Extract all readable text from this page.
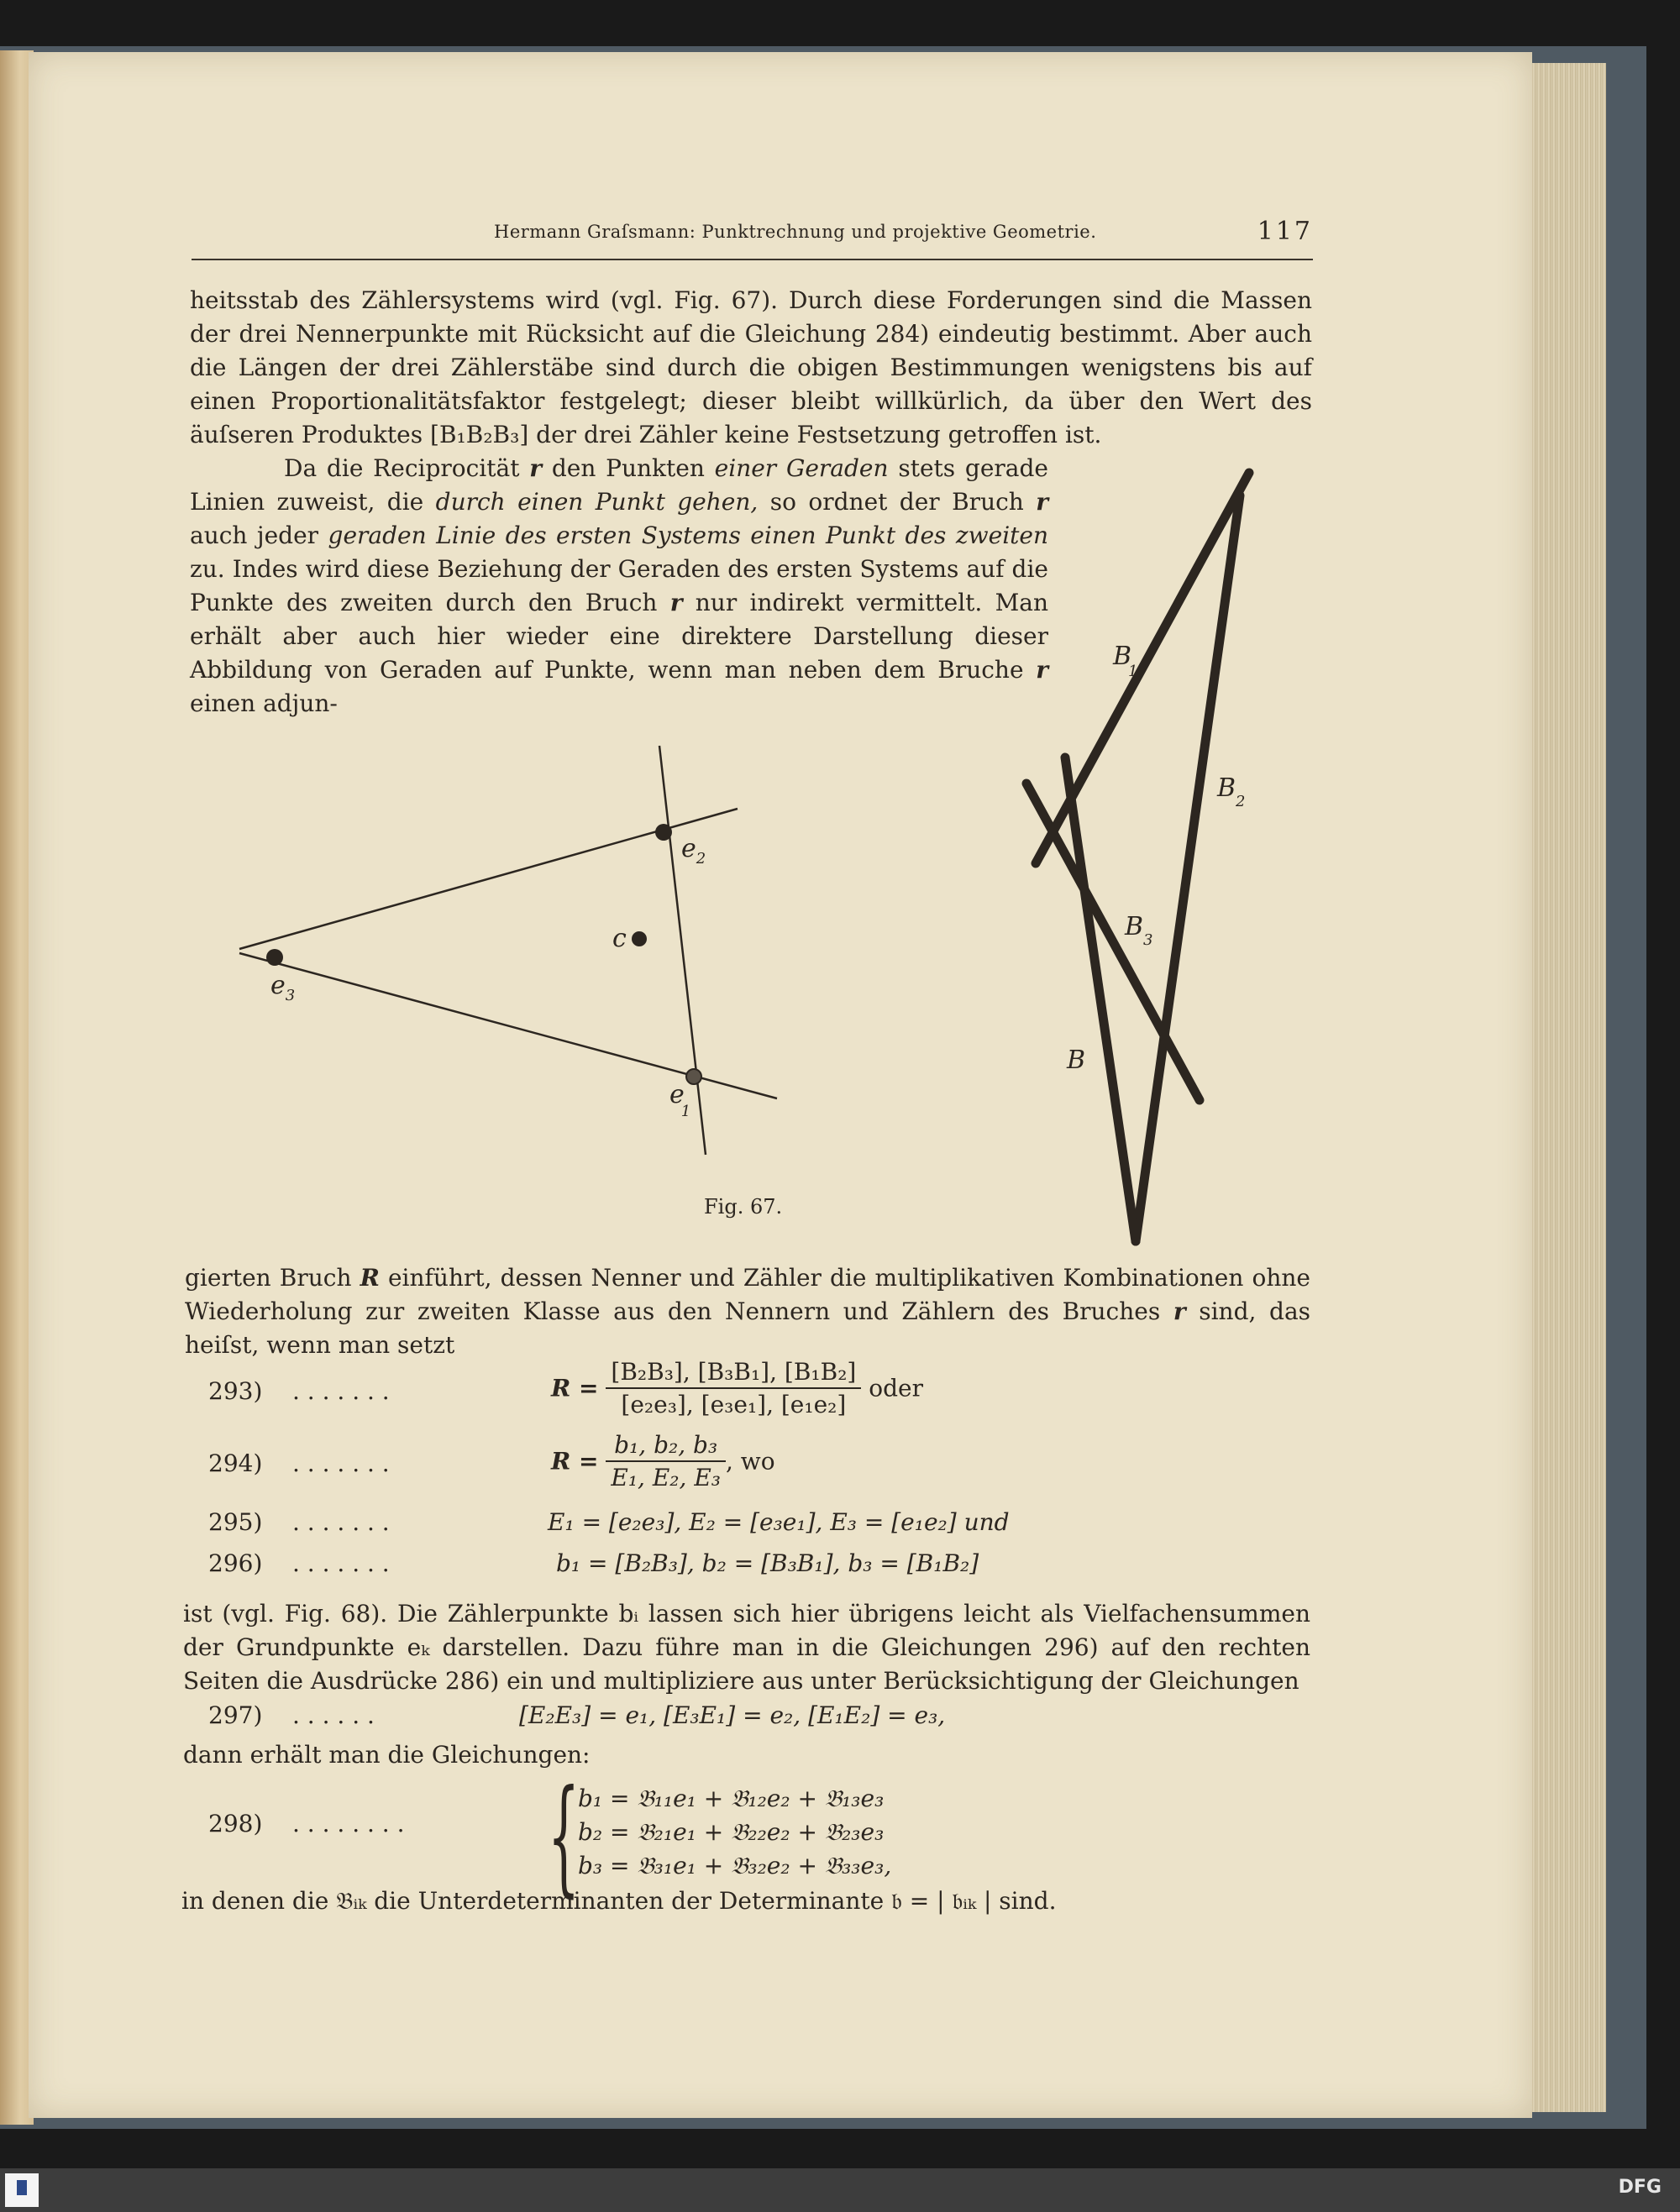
Hermann Graſsmann: Punktrechnung und projektive Geometrie.	117

heitsstab des Zählersystems wird (vgl. Fig. 67). Durch diese Forderungen sind die Massen der drei Nennerpunkte mit Rücksicht auf die Gleichung 284) eindeutig bestimmt. Aber auch die Längen der drei Zählerstäbe sind durch die obigen Bestimmungen wenigstens bis auf einen Proportionalitätsfaktor festgelegt; dieser bleibt willkürlich, da über den Wert des äuſseren Produktes [B₁B₂B₃] der drei Zähler keine Festsetzung getroffen ist.

Da die Reciprocität r den Punkten einer Geraden stets gerade Linien zuweist, die durch einen Punkt gehen, so ordnet der Bruch r auch jeder geraden Linie des ersten Systems einen Punkt des zweiten zu. Indes wird diese Beziehung der Geraden des ersten Systems auf die Punkte des zweiten durch den Bruch r nur indirekt vermittelt. Man erhält aber auch hier wieder eine direktere Darstellung dieser Abbildung von Geraden auf Punkte, wenn man neben dem Bruche r einen adjun-

$e_2$
$e_3$
e 1
c
B 1
$B_2$
$B_3$
B
Fig. 67.

gierten Bruch R einführt, dessen Nenner und Zähler die multiplikativen Kombinationen ohne Wiederholung zur zweiten Klasse aus den Nennern und Zählern des Bruches r sind, das heiſst, wenn man setzt

293) . . . . . . .	$R = \frac{\text{[B₂B₃], [B₃B₁], [B₁B₂]}}{\text{[e₂e₃], [e₃e₁], [e₁e₂]}}$ oder
294) . . . . . . .	$R = \frac{\text{b₁, b₂, b₃}}{\text{E₁, E₂, E₃}}$ , wo
295) . . . . . . .	E₁ = [e₂e₃], E₂ = [e₃e₁], E₃ = [e₁e₂] und
296) . . . . . . .	b₁ = [B₂B₃], b₂ = [B₃B₁], b₃ = [B₁B₂]

ist (vgl. Fig. 68). Die Zählerpunkte bᵢ lassen sich hier übrigens leicht als Vielfachensummen der Grundpunkte eₖ darstellen. Dazu führe man in die Gleichungen 296) auf den rechten Seiten die Ausdrücke 286) ein und multipliziere aus unter Berücksichtigung der Gleichungen

297) . . . . . .	[E₂E₃] = e₁, [E₃E₁] = e₂, [E₁E₂] = e₃,
dann erhält man die Gleichungen:
298) . . . . . . . . {
b₁ = 𝔅₁₁e₁ + 𝔅₁₂e₂ + 𝔅₁₃e₃
b₂ = 𝔅₂₁e₁ + 𝔅₂₂e₂ + 𝔅₂₃e₃
b₃ = 𝔅₃₁e₁ + 𝔅₃₂e₂ + 𝔅₃₃e₃,
in denen die 𝔅ᵢₖ die Unterdeterminanten der Determinante 𝔟 = | 𝔟ᵢₖ | sind.
DFG
